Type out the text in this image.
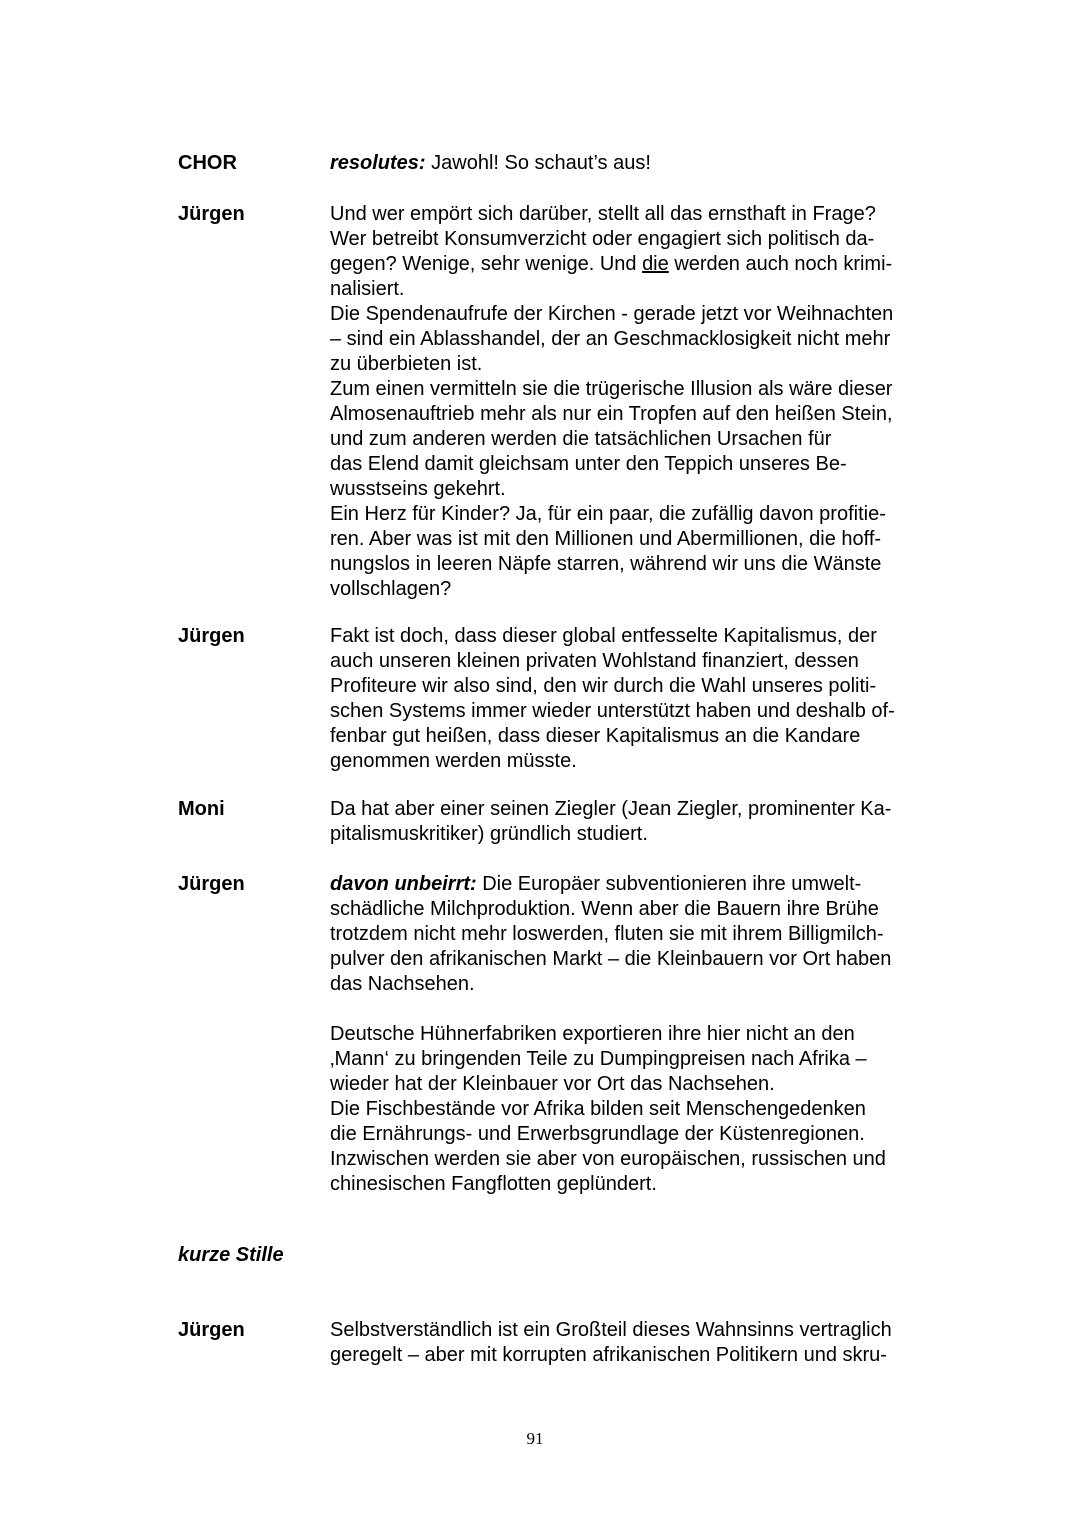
CHOR	resolutes: Jawohl! So schaut’s aus!
Jürgen	Und wer empört sich darüber, stellt all das ernsthaft in Frage?
Wer betreibt Konsumverzicht oder engagiert sich politisch da-
gegen? Wenige, sehr wenige. Und die werden auch noch krimi-
nalisiert.
Die Spendenaufrufe der Kirchen - gerade jetzt vor Weihnachten
– sind ein Ablasshandel, der an Geschmacklosigkeit nicht mehr
zu überbieten ist.
Zum einen vermitteln sie die trügerische Illusion als wäre dieser
Almosenauftrieb mehr als nur ein Tropfen auf den heißen Stein,
und zum anderen werden die tatsächlichen Ursachen für
das Elend damit gleichsam unter den Teppich unseres Be-
wusstseins gekehrt.
Ein Herz für Kinder? Ja, für ein paar, die zufällig davon profitie-
ren. Aber was ist mit den Millionen und Abermillionen, die hoff-
nungslos in leeren Näpfe starren, während wir uns die Wänste
vollschlagen?
Jürgen	Fakt ist doch, dass dieser global entfesselte Kapitalismus, der
auch unseren kleinen privaten Wohlstand finanziert, dessen
Profiteure wir also sind, den wir durch die Wahl unseres politi-
schen Systems immer wieder unterstützt haben und deshalb of-
fenbar gut heißen, dass dieser Kapitalismus an die Kandare
genommen werden müsste.
Moni	Da hat aber einer seinen Ziegler (Jean Ziegler, prominenter Ka-
pitalismuskritiker) gründlich studiert.
Jürgen	davon unbeirrt: Die Europäer subventionieren ihre umwelt-
schädliche Milchproduktion. Wenn aber die Bauern ihre Brühe
trotzdem nicht mehr loswerden, fluten sie mit ihrem Billigmilch-
pulver den afrikanischen Markt – die Kleinbauern vor Ort haben
das Nachsehen.
Deutsche Hühnerfabriken exportieren ihre hier nicht an den
‚Mann‘ zu bringenden Teile zu Dumpingpreisen nach Afrika –
wieder hat der Kleinbauer vor Ort das Nachsehen.
Die Fischbestände vor Afrika bilden seit Menschengedenken
die Ernährungs- und Erwerbsgrundlage der Küstenregionen.
Inzwischen werden sie aber von europäischen, russischen und
chinesischen Fangflotten geplündert.
kurze Stille
Jürgen	Selbstverständlich ist ein Großteil dieses Wahnsinns vertraglich
geregelt – aber mit korrupten afrikanischen Politikern und skru-
91
